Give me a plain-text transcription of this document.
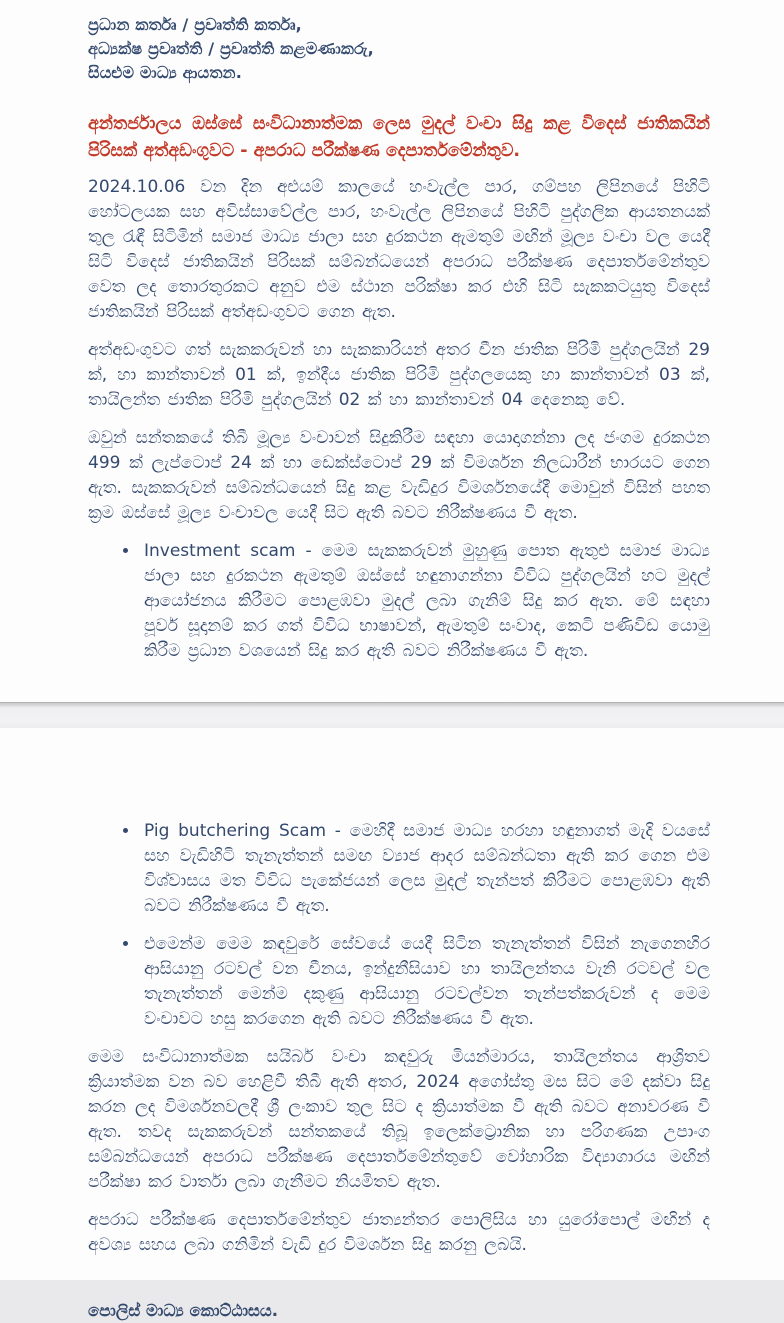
ප්‍රධාන කර්තෘ / ප්‍රවෘත්ති කර්තෘ,
අධ්‍යක්ෂ ප්‍රවෘත්ති / ප්‍රවෘත්ති කළමණාකරු,
සියළුම මාධ්‍ය ආයතන.
අන්තර්ජාලය ඔස්සේ සංවිධානාත්මක ලෙස මුදල් වංචා සිදු කළ විදෙස් ජාතිකයින් පිරිසක් අත්අඩංගුවට - අපරාධ පරීක්ෂණ දෙපාර්තමේන්තුව.

2024.10.06 වන දින අළුයම් කාලයේ හංවැල්ල පාර, ගම්පහ ලිපිනයේ පිහිටි හෝටලයක සහ අවිස්සාවේල්ල පාර, හංවැල්ල ලිපිනයේ පිහිටි පුද්ගලික ආයතනයක් තුල රැඳී සිටිමින් සමාජ මාධ්‍ය ජාලා සහ දුරකථන ඇමතුම් මඟින් මූල්‍ය වංචා වල යෙදී සිටි විදෙස් ජාතිකයින් පිරිසක් සම්බන්ධයෙන් අපරාධ පරීක්ෂණ දෙපාර්තමේන්තුව වෙත ලද තොරතුරකට අනුව එම ස්ථාන පරික්ෂා කර එහි සිටි සැකකටයුතු විදෙස් ජාතිකයින් පිරිසක් අත්අඩංගුවට ගෙන ඇත.

අත්අඩංගුවට ගත් සැකකරුවන් හා සැකකාරියන් අතර චීන ජාතික පිරිමි පුද්ගලයින් 29 ක්, හා කාන්තාවන් 01 ක්, ඉන්දීය ජාතික පිරිමි පුද්ගලයෙකු හා කාන්තාවන් 03 ක්, තායිලන්ත ජාතික පිරිමි පුද්ගලයින් 02 ක් හා කාන්තාවන් 04 දෙනෙකු වේ.

ඔවුන් සන්තකයේ තිබී මූල්‍ය වංචාවන් සිදුකිරීම සඳහා යොදාගන්නා ලද ජංගම දුරකථන 499 ක් ලැප්ටොප් 24 ක් හා ඩෙක්ස්ටොප් 29 ක් විමර්ශන නිලධාරීන් භාරයට ගෙන ඇත. සැකකරුවන් සම්බන්ධයෙන් සිදු කළ වැඩිදුර විමර්ශනයේදී මොවුන් විසින් පහත ක්‍රම ඔස්සේ මූල්‍ය වංචාවල යෙදී සිට ඇති බවට නිරීක්ෂණය වී ඇත.

• Investment scam - මෙම සැකකරුවන් මුහුණු පොත ඇතුළු සමාජ මාධ්‍ය ජාලා සහ දුරකථන ඇමතුම් ඔස්සේ හඳුනාගන්නා විවිධ පුද්ගලයින් හට මුදල් ආයෝජනය කිරීමට පොළඹවා මුදල් ලබා ගැනිම් සිදු කර ඇත. මේ සඳහා පූර්ව සූදානම් කර ගත් විවිධ භාෂාවන්, ඇමතුම් සංවාද, කෙටි පණිවිඩ යොමු කිරීම ප්‍රධාන වශයෙන් සිදු කර ඇති බවට නිරීක්ෂණය වී ඇත.
• Pig butchering Scam - මෙහිදී සමාජ මාධ්‍ය හරහා හඳුනාගත් මැදි වයසේ සහ වැඩිහිටි තැනැත්තන් සමඟ ව්‍යාජ ආදර සම්බන්ධතා ඇති කර ගෙන එම විශ්වාසය මත විවිධ පැකේජයන් ලෙස මුදල් තැන්පත් කිරීමට පොළඹවා ඇති බවට නිරීක්ෂණය වී ඇත.
• එමෙන්ම මෙම කඳවුරේ සේවයේ යෙදී සිටින තැනැත්තන් විසින් නැගෙනහිර ආසියානු රටවල් වන චීනය, ඉන්දුනීසියාව හා තායිලන්තය වැනි රටවල් වල තැනැත්තන් මෙන්ම දකුණු ආසියානු රටවල්වන තැන්පත්කරුවන් ද මෙම වංචාවට හසු කරගෙන ඇති බවට නිරීක්ෂණය වී ඇත.

මෙම සංවිධානාත්මක සයිබර් වංචා කඳවුරු මියන්මාරය, තායිලන්තය ආශ්‍රිතව ක්‍රියාත්මක වන බව හෙළිවී තිබී ඇති අතර, 2024 අගෝස්තු මස සිට මේ දක්වා සිදු කරන ලද විමර්ශනවලදී ශ්‍රී ලංකාව තුල සිට ද ක්‍රියාත්මක වී ඇති බවට අනාවරණ වී ඇත. තවද සැකකරුවන් සන්තකයේ තිබූ ඉලෙක්ට්‍රොනික හා පරිගණක උපාංග සම්බන්ධයෙන් අපරාධ පරීක්ෂණ දෙපාර්තමේන්තුවේ වෝහාරික විද්‍යාගාරය මඟින් පරීක්ෂා කර වාර්තා ලබා ගැනීමට නියමිතව ඇත.

අපරාධ පරීක්ෂණ දෙපාර්තමේන්තුව ජාත්‍යන්තර පොලිසිය හා යුරෝපොල් මඟින් ද අවශ්‍ය සහය ලබා ගනිමින් වැඩි දුර විමර්ශන සිදු කරනු ලබයි.

පොලිස් මාධ්‍ය කොට්ඨාසය.
